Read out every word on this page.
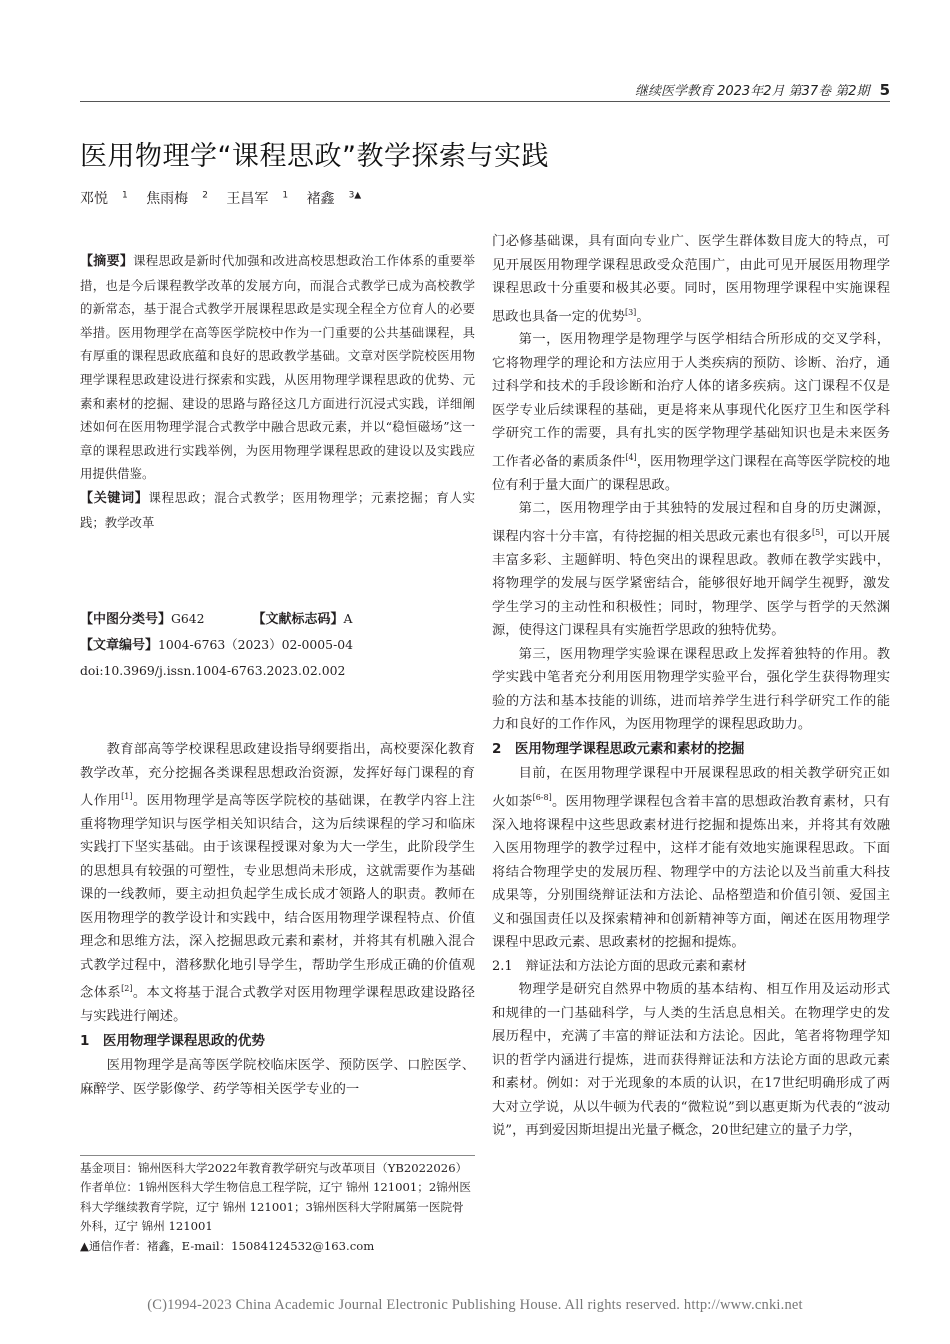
继续医学教育 2023年2月 第37卷 第2期 5
医用物理学“课程思政”教学探索与实践
邓悦 $^1$ 焦雨梅 $^2$ 王昌军 $^1$ 褚鑫 $^{3▲}$
【摘要】课程思政是新时代加强和改进高校思想政治工作体系的重要举措，也是今后课程教学改革的发展方向，而混合式教学已成为高校教学的新常态，基于混合式教学开展课程思政是实现全程全方位育人的必要举措。医用物理学在高等医学院校中作为一门重要的公共基础课程，具有厚重的课程思政底蕴和良好的思政教学基础。文章对医学院校医用物理学课程思政建设进行探索和实践，从医用物理学课程思政的优势、元素和素材的挖掘、建设的思路与路径这几方面进行沉浸式实践，详细阐述如何在医用物理学混合式教学中融合思政元素，并以“稳恒磁场”这一章的课程思政进行实践举例，为医用物理学课程思政的建设以及实践应用提供借鉴。
【关键词】课程思政；混合式教学；医用物理学；元素挖掘；育人实践；教学改革
【中图分类号】G642	【文献标志码】A
【文章编号】1004-6763（2023）02-0005-04
doi:10.3969/j.issn.1004-6763.2023.02.002

教育部高等学校课程思政建设指导纲要指出，高校要深化教育教学改革，充分挖掘各类课程思想政治资源，发挥好每门课程的育人作用[1]。医用物理学是高等医学院校的基础课，在教学内容上注重将物理学知识与医学相关知识结合，这为后续课程的学习和临床实践打下坚实基础。由于该课程授课对象为大一学生，此阶段学生的思想具有较强的可塑性，专业思想尚未形成，这就需要作为基础课的一线教师，要主动担负起学生成长成才领路人的职责。教师在医用物理学的教学设计和实践中，结合医用物理学课程特点、价值理念和思维方法，深入挖掘思政元素和素材，并将其有机融入混合式教学过程中，潜移默化地引导学生，帮助学生形成正确的价值观念体系[2]。本文将基于混合式教学对医用物理学课程思政建设路径与实践进行阐述。

1　医用物理学课程思政的优势

医用物理学是高等医学院校临床医学、预防医学、口腔医学、麻醉学、医学影像学、药学等相关医学专业的一

基金项目：锦州医科大学2022年教育教学研究与改革项目（YB2022026）
作者单位：1锦州医科大学生物信息工程学院，辽宁 锦州 121001；2锦州医科大学继续教育学院，辽宁 锦州 121001；3锦州医科大学附属第一医院骨外科，辽宁 锦州 121001
▲通信作者：褚鑫，E-mail：15084124532@163.com

门必修基础课，具有面向专业广、医学生群体数目庞大的特点，可见开展医用物理学课程思政受众范围广，由此可见开展医用物理学课程思政十分重要和极其必要。同时，医用物理学课程中实施课程思政也具备一定的优势[3]。

第一，医用物理学是物理学与医学相结合所形成的交叉学科，它将物理学的理论和方法应用于人类疾病的预防、诊断、治疗，通过科学和技术的手段诊断和治疗人体的诸多疾病。这门课程不仅是医学专业后续课程的基础，更是将来从事现代化医疗卫生和医学科学研究工作的需要，具有扎实的医学物理学基础知识也是未来医务工作者必备的素质条件[4]，医用物理学这门课程在高等医学院校的地位有利于量大面广的课程思政。

第二，医用物理学由于其独特的发展过程和自身的历史渊源，课程内容十分丰富，有待挖掘的相关思政元素也有很多[5]，可以开展丰富多彩、主题鲜明、特色突出的课程思政。教师在教学实践中，将物理学的发展与医学紧密结合，能够很好地开阔学生视野，激发学生学习的主动性和积极性；同时，物理学、医学与哲学的天然渊源，使得这门课程具有实施哲学思政的独特优势。

第三，医用物理学实验课在课程思政上发挥着独特的作用。教学实践中笔者充分利用医用物理学实验平台，强化学生获得物理实验的方法和基本技能的训练，进而培养学生进行科学研究工作的能力和良好的工作作风，为医用物理学的课程思政助力。

2　医用物理学课程思政元素和素材的挖掘

目前，在医用物理学课程中开展课程思政的相关教学研究正如火如荼[6-8]。医用物理学课程包含着丰富的思想政治教育素材，只有深入地将课程中这些思政素材进行挖掘和提炼出来，并将其有效融入医用物理学的教学过程中，这样才能有效地实施课程思政。下面将结合物理学史的发展历程、物理学中的方法论以及当前重大科技成果等，分别围绕辩证法和方法论、品格塑造和价值引领、爱国主义和强国责任以及探索精神和创新精神等方面，阐述在医用物理学课程中思政元素、思政素材的挖掘和提炼。

2.1　辩证法和方法论方面的思政元素和素材

物理学是研究自然界中物质的基本结构、相互作用及运动形式和规律的一门基础科学，与人类的生活息息相关。在物理学史的发展历程中，充满了丰富的辩证法和方法论。因此，笔者将物理学知识的哲学内涵进行提炼，进而获得辩证法和方法论方面的思政元素和素材。例如：对于光现象的本质的认识，在17世纪明确形成了两大对立学说，从以牛顿为代表的“微粒说”到以惠更斯为代表的“波动说”，再到爱因斯坦提出光量子概念，20世纪建立的量子力学，

(C)1994-2023 China Academic Journal Electronic Publishing House. All rights reserved. http://www.cnki.net
